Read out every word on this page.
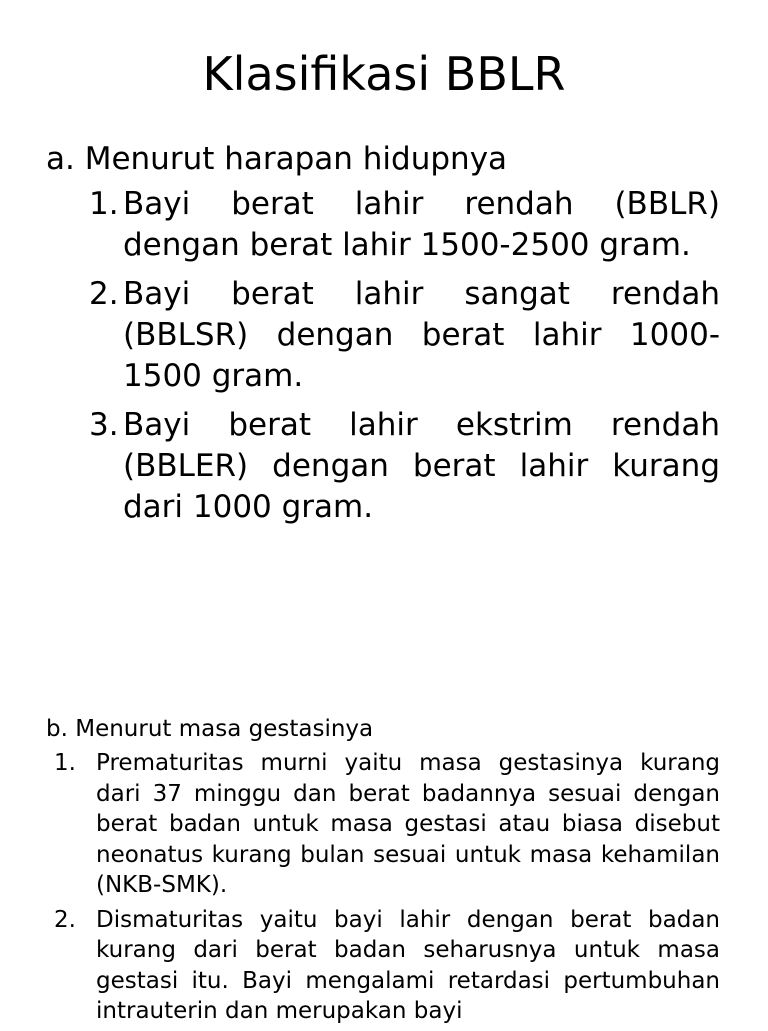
Klasifikasi BBLR

a. Menurut harapan hidupnya

1. Bayi berat lahir rendah (BBLR) dengan berat lahir 1500-2500 gram.
2. Bayi berat lahir sangat rendah (BBLSR) dengan berat lahir 1000-1500 gram.
3. Bayi berat lahir ekstrim rendah (BBLER) dengan berat lahir kurang dari 1000 gram.

b. Menurut masa gestasinya

1. Prematuritas murni yaitu masa gestasinya kurang dari 37 minggu dan berat badannya sesuai dengan berat badan untuk masa gestasi atau biasa disebut neonatus kurang bulan sesuai untuk masa kehamilan (NKB-SMK).
2. Dismaturitas yaitu bayi lahir dengan berat badan kurang dari berat badan seharusnya untuk masa gestasi itu. Bayi mengalami retardasi pertumbuhan intrauterin dan merupakan bayi
